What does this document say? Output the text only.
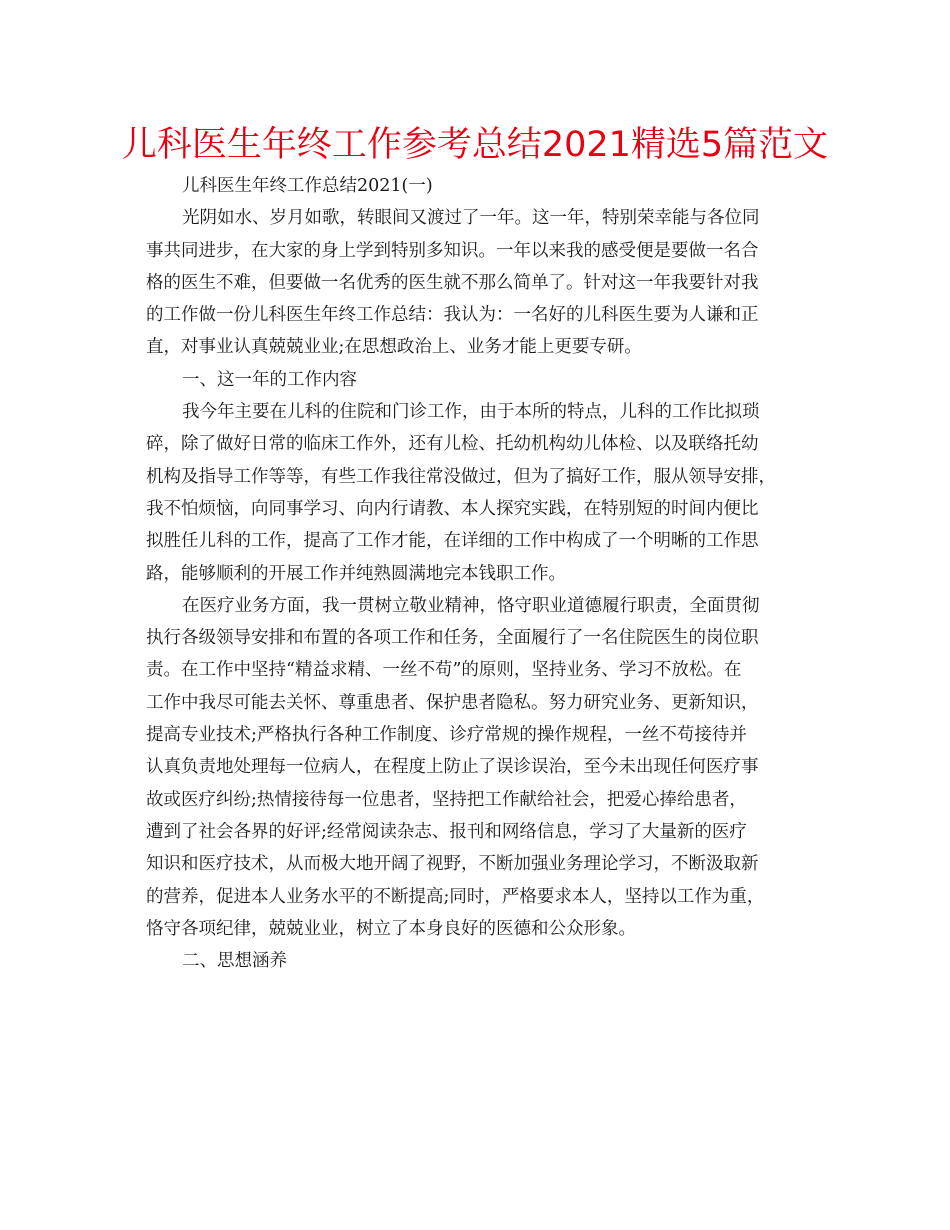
儿科医生年终工作参考总结2021精选5篇范文
儿科医生年终工作总结2021(一)
光阴如水、岁月如歌，转眼间又渡过了一年。这一年，特别荣幸能与各位同
事共同进步，在大家的身上学到特别多知识。一年以来我的感受便是要做一名合
格的医生不难，但要做一名优秀的医生就不那么简单了。针对这一年我要针对我
的工作做一份儿科医生年终工作总结：我认为：一名好的儿科医生要为人谦和正
直，对事业认真兢兢业业;在思想政治上、业务才能上更要专研。
一、这一年的工作内容
我今年主要在儿科的住院和门诊工作，由于本所的特点，儿科的工作比拟琐
碎，除了做好日常的临床工作外，还有儿检、托幼机构幼儿体检、以及联络托幼
机构及指导工作等等，有些工作我往常没做过，但为了搞好工作，服从领导安排，
我不怕烦恼，向同事学习、向内行请教、本人探究实践，在特别短的时间内便比
拟胜任儿科的工作，提高了工作才能，在详细的工作中构成了一个明晰的工作思
路，能够顺利的开展工作并纯熟圆满地完本钱职工作。
在医疗业务方面，我一贯树立敬业精神，恪守职业道德履行职责，全面贯彻
执行各级领导安排和布置的各项工作和任务，全面履行了一名住院医生的岗位职
责。在工作中坚持“精益求精、一丝不苟”的原则，坚持业务、学习不放松。在
工作中我尽可能去关怀、尊重患者、保护患者隐私。努力研究业务、更新知识，
提高专业技术;严格执行各种工作制度、诊疗常规的操作规程，一丝不苟接待并
认真负责地处理每一位病人，在程度上防止了误诊误治，至今未出现任何医疗事
故或医疗纠纷;热情接待每一位患者，坚持把工作献给社会，把爱心捧给患者，
遭到了社会各界的好评;经常阅读杂志、报刊和网络信息，学习了大量新的医疗
知识和医疗技术，从而极大地开阔了视野，不断加强业务理论学习，不断汲取新
的营养，促进本人业务水平的不断提高;同时，严格要求本人，坚持以工作为重，
恪守各项纪律，兢兢业业，树立了本身良好的医德和公众形象。
二、思想涵养
